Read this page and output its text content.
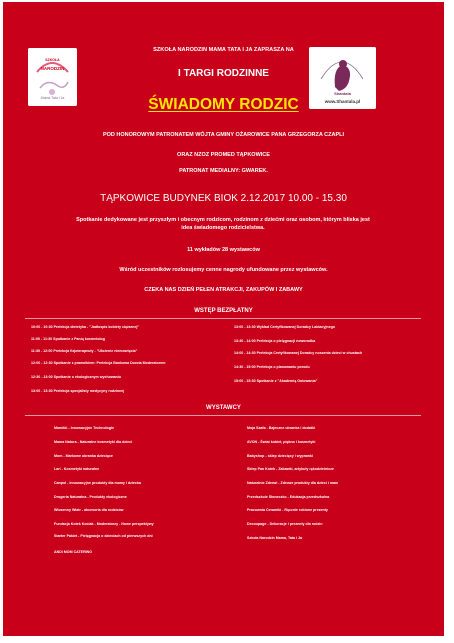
SZKOŁA
NARODZIN
Mama Tata i Ja
Shantala
www.Shantala.pl
SZKOŁA NARODZIN MAMA TATA I JA ZAPRASZA NA
I TARGI RODZINNE
ŚWIADOMY RODZIC
POD HONOROWYM PATRONATEM WÓJTA GMINY OŻAROWICE PANA GRZEGORZA CZAPLI
ORAZ NZOZ PROMED TĄPKOWICE
PATRONAT MEDIALNY: GWAREK.
TĄPKOWICE BUDYNEK BIOK 2.12.2017 10.00 - 15.30
Spotkanie dedykowane jest przyszłym i obecnym rodzicom, rodzinom z dziećmi oraz osobom, którym bliska jest idea świadomego rodzicielstwa.
11 wykładów 28 wystawców
Wśród uczestników rozlosujemy cenne nagrody ufundowane przez wystawców.
CZEKA NAS DZIEŃ PEŁEN ATRAKCJI, ZAKUPÓW I ZABAWY
WSTĘP BEZPŁATNY
10:00 - 10:30 Prelekcja dietetyka - "Jadłospis kobiety ciężarnej"
11:00 - 11:30 Spotkanie z Panią kosmetolog
11:30 - 12:00 Prelekcja fizjoterapeuty - "Ułożenie niemowlęcia"
12:00 - 12:30 Spotkanie z prawnikiem: Prelekcja Bankowa Dorota Moderatorem
12:30 - 13:00 Spotkanie o ekologicznym wychowaniu
13:00 - 13:30 Prelekcja specjalisty medycyny rodzinnej
13:00 - 13:30 Wykład Certyfikowanej Doradcy Laktacyjnego
13:30 - 14:00 Prelekcja o pielęgnacji noworodka
14:00 - 14:30 Prelekcja Certyfikowanej Doradcy noszenia dzieci w chustach
14:30 - 15:00 Prelekcja o planowaniu porodu
15:00 - 15:30 Spotkanie z "Akademią Gotowania"
WYSTAWCY
Mamitki - Innowacyjne Technologie
Mama Natura - Naturalne kosmetyki dla dzieci
Mom - Markowe ubranka dziecięce
Lari - Kosmetyki naturalne
Canpol - Innowacyjne produkty dla mamy i dziecka
Drogeria Naturalna - Produkty ekologiczne
Wiosenny Wiatr - akcesoria dla rodziców
Fundacja Kotek Kociak - Moderatorzy - Nowe perspektywy
Starter Pakiet - Pielęgnacja o dzieciach od pierwszych dni
ANDI MOM CATERING
Moja Szafa - Bajeczne ubranka i dodatki
AVON - Świat kobiet, piękno i kosmetyki
Babyshop - sklep dziecięcy i wyprawki
Sklep Pan Kotek - Zabawki, artykuły rękodzielnicze
Naturalnie Zdrowi - Zdrowe produkty dla dzieci i mam
Przedszkole Słoneczko - Edukacja przedszkolna
Pracownia Ceramiki - Ręcznie robione prezenty
Decoupage - Dekoracje i prezenty dla rodzin
Szkoła Narodzin Mama, Tata i Ja
